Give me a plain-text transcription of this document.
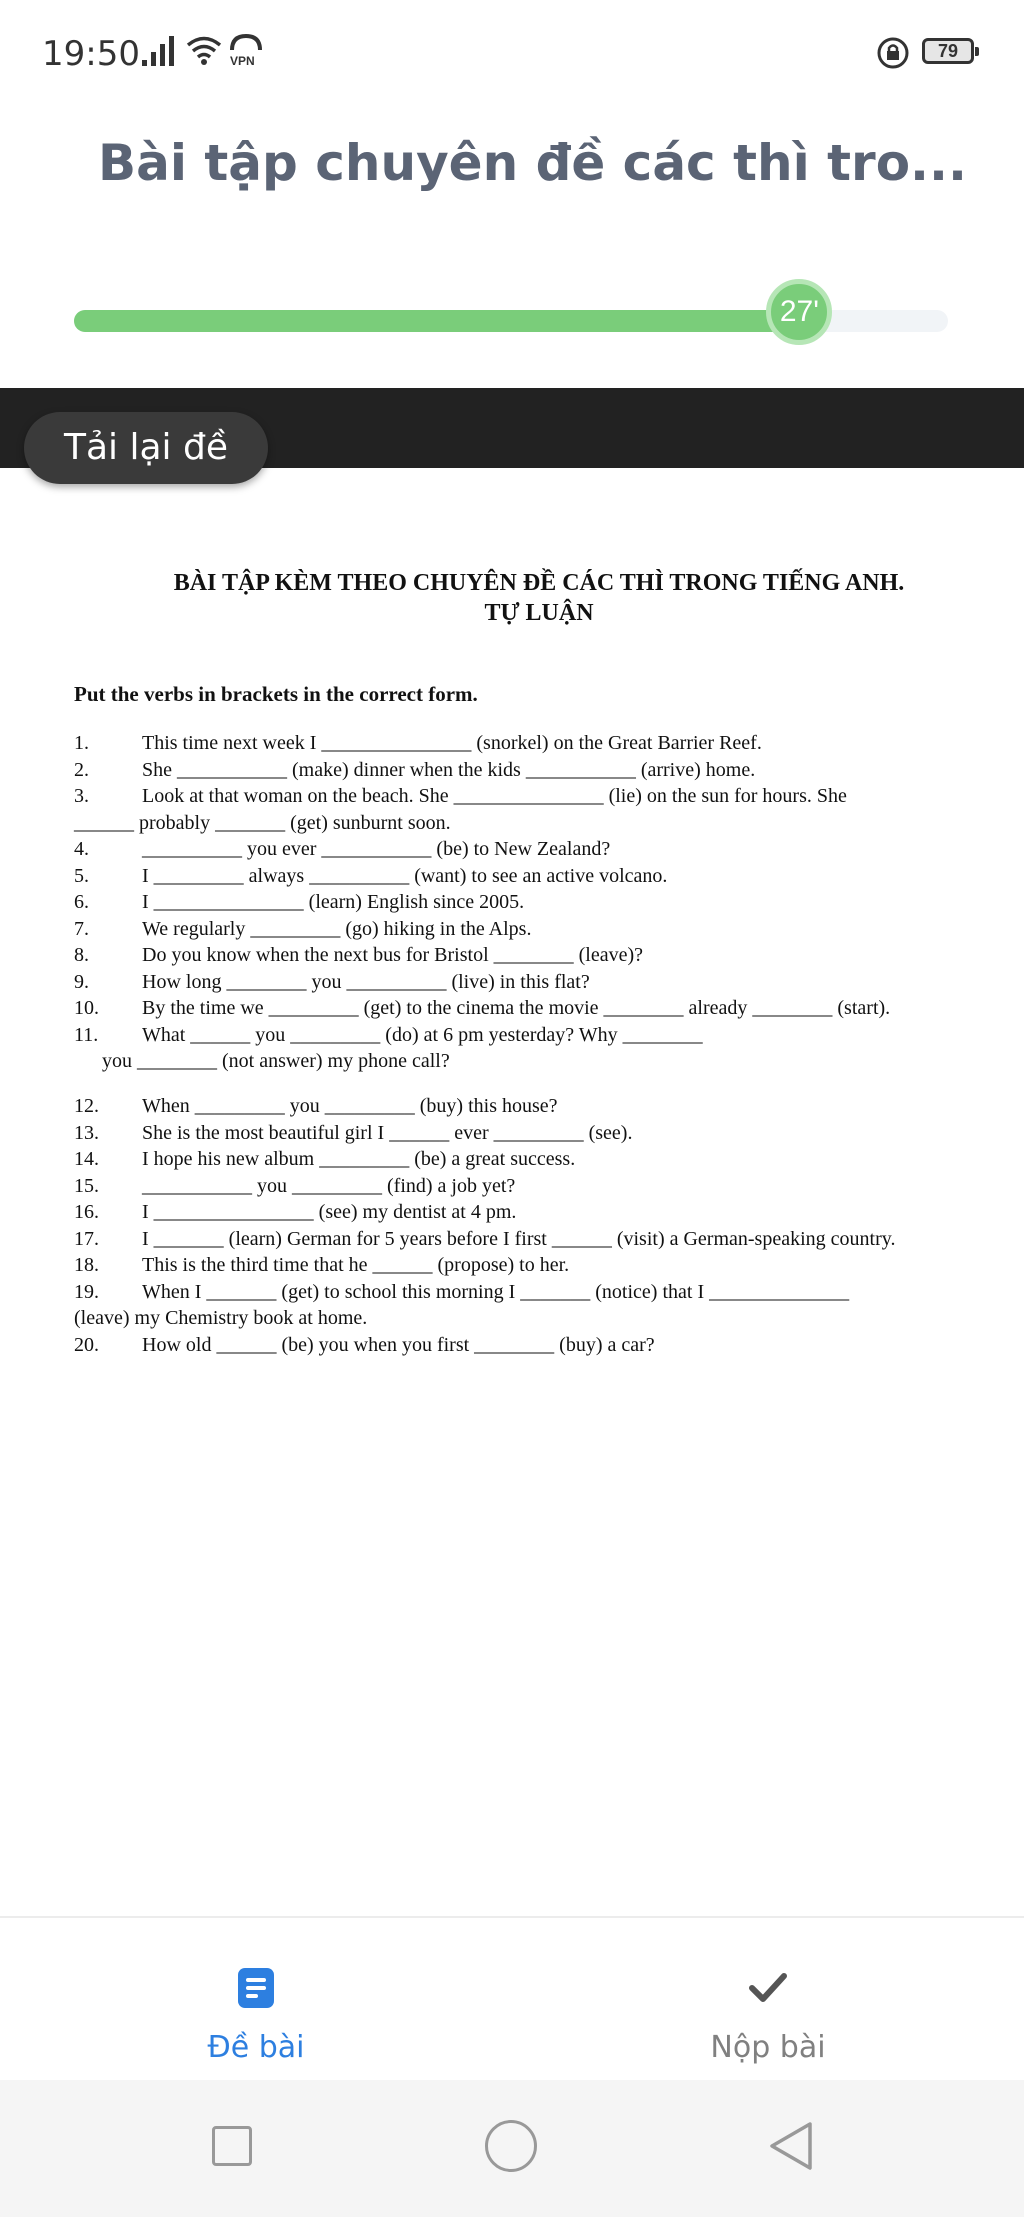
19:50	VPN	79
Bài tập chuyên đề các thì tro...
27'
Tải lại đề
BÀI TẬP KÈM THEO CHUYÊN ĐỀ CÁC THÌ TRONG TIẾNG ANH.
TỰ LUẬN
Put the verbs in brackets in the correct form.
1.	This time next week I _______________ (snorkel) on the Great Barrier Reef.
2.	She ___________ (make) dinner when the kids ___________ (arrive) home.
3.	Look at that woman on the beach. She _______________ (lie) on the sun for hours. She
______ probably _______ (get) sunburnt soon.
4.	__________ you ever ___________ (be) to New Zealand?
5.	I _________ always __________ (want) to see an active volcano.
6.	I _______________ (learn) English since 2005.
7.	We regularly _________ (go) hiking in the Alps.
8.	Do you know when the next bus for Bristol ________ (leave)?
9.	How long ________ you __________ (live) in this flat?
10. By the time we _________ (get) to the cinema the movie ________ already ________ (start).
11. What ______ you _________ (do) at 6 pm yesterday? Why ________
you ________ (not answer) my phone call?
12. When _________ you _________ (buy) this house?
13. She is the most beautiful girl I ______ ever _________ (see).
14. I hope his new album _________ (be) a great success.
15. ___________ you _________ (find) a job yet?
16. I ________________ (see) my dentist at 4 pm.
17. I _______ (learn) German for 5 years before I first ______ (visit) a German-speaking country.
18. This is the third time that he ______ (propose) to her.
19. When I _______ (get) to school this morning I _______ (notice) that I ______________
(leave) my Chemistry book at home.
20. How old ______ (be) you when you first ________ (buy) a car?
Đề bài	Nộp bài
